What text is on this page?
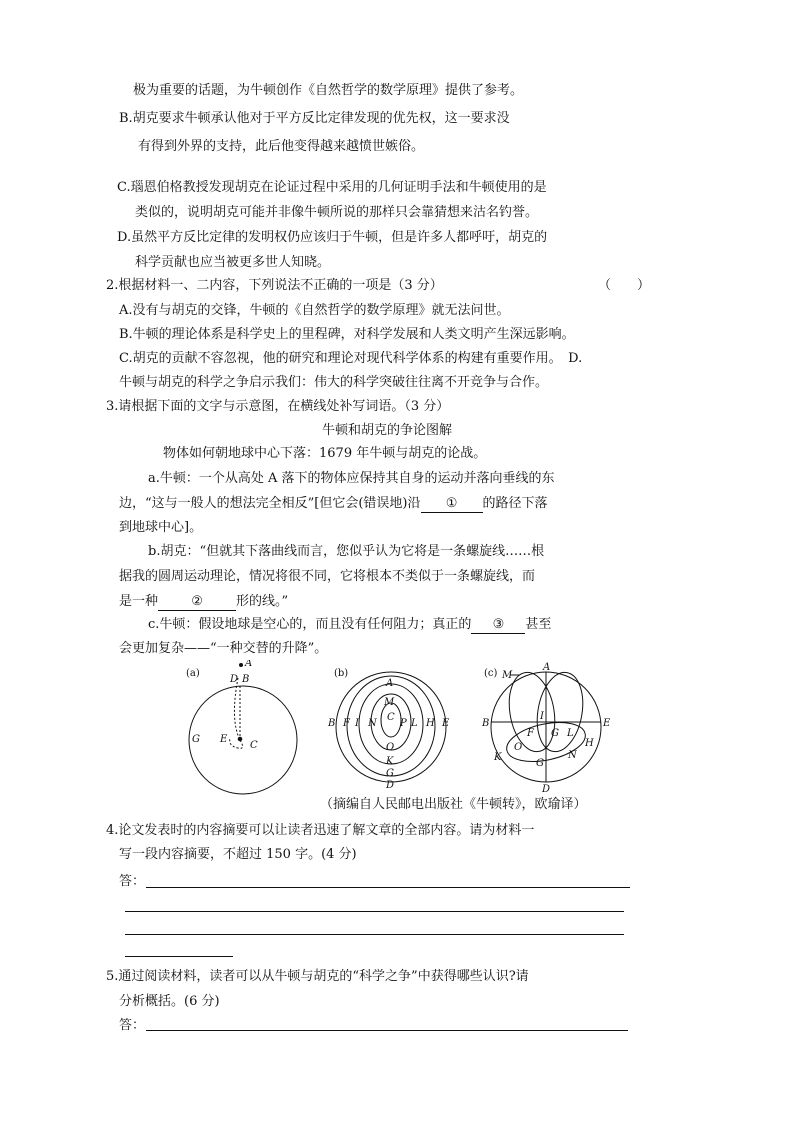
极为重要的话题，为牛顿创作《自然哲学的数学原理》提供了参考。
B.胡克要求牛顿承认他对于平方反比定律发现的优先权，这一要求没
有得到外界的支持，此后他变得越来越愤世嫉俗。
C.瑙恩伯格教授发现胡克在论证过程中采用的几何证明手法和牛顿使用的是
类似的，说明胡克可能并非像牛顿所说的那样只会靠猜想来沽名钓誉。
D.虽然平方反比定律的发明权仍应该归于牛顿，但是许多人都呼吁，胡克的
科学贡献也应当被更多世人知晓。
2.根据材料一、二内容，下列说法不正确的一项是（3 分）	（　　）
A.没有与胡克的交锋，牛顿的《自然哲学的数学原理》就无法问世。
B.牛顿的理论体系是科学史上的里程碑，对科学发展和人类文明产生深远影响。
C.胡克的贡献不容忽视，他的研究和理论对现代科学体系的构建有重要作用。　D.
牛顿与胡克的科学之争启示我们：伟大的科学突破往往离不开竞争与合作。
3.请根据下面的文字与示意图，在横线处补写词语。（3 分）
牛顿和胡克的争论图解
物体如何朝地球中心下落：1679 年牛顿与胡克的论战。
a.牛顿：一个从高处 A 落下的物体应保持其自身的运动并落向垂线的东
边，“这与一般人的想法完全相反”[但它会(错误地)沿 ① 的路径下落
到地球中心]。
b.胡克：“但就其下落曲线而言，您似乎认为它将是一条螺旋线……根
据我的圆周运动理论，情况将很不同，它将根本不类似于一条螺旋线，而
是一种	②	形的线。”
c.牛顿：假设地球是空心的，而且没有任何阻力；真正的 ③ 甚至
会更加复杂——“一种交替的升降”。
(a)
A
D B
G E
C
(b)
A
M
B F I N
C
P L H E
O
K
G
D
(c) M
A
B	E
I
F G L
H
O
K	N
G
D
（摘编自人民邮电出版社《牛顿转》，欧瑜译）
4.论文发表时的内容摘要可以让读者迅速了解文章的全部内容。请为材料一
写一段内容摘要，不超过 150 字。(4 分)
答：
5.通过阅读材料，读者可以从牛顿与胡克的“科学之争”中获得哪些认识?请
分析概括。(6 分)
答：
